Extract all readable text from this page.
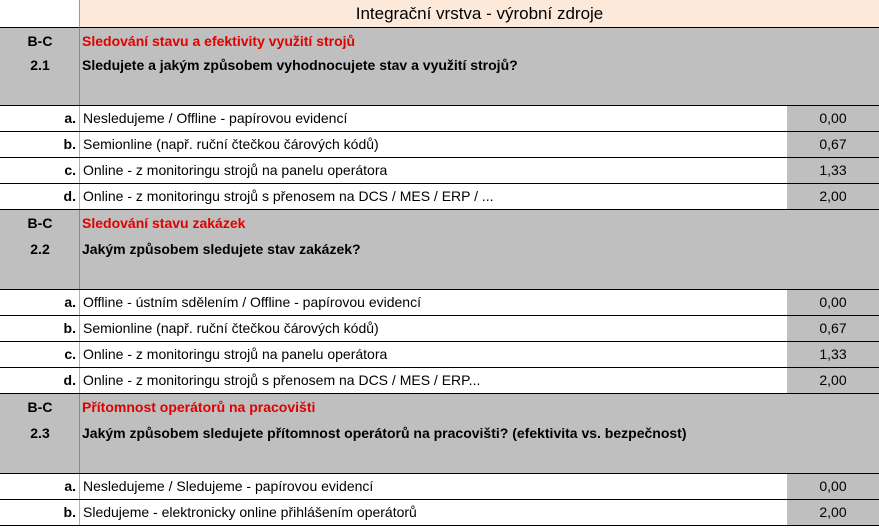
Integrační vrstva - výrobní zdroje
B-C	Sledování stavu a efektivity využití strojů
2.1	Sledujete a jakým způsobem vyhodnocujete stav a využití strojů?
a. Nesledujeme / Offline - papírovou evidencí	0,00
b. Semionline (např. ruční čtečkou čárových kódů)	0,67
c. Online - z monitoringu strojů na panelu operátora	1,33
d. Online - z monitoringu strojů s přenosem na DCS / MES / ERP / ...	2,00
B-C	Sledování stavu zakázek
2.2	Jakým způsobem sledujete stav zakázek?
a. Offline - ústním sdělením / Offline - papírovou evidencí	0,00
b. Semionline (např. ruční čtečkou čárových kódů)	0,67
c. Online - z monitoringu strojů na panelu operátora	1,33
d. Online - z monitoringu strojů s přenosem na DCS / MES / ERP...	2,00
B-C	Přítomnost operátorů na pracovišti
2.3	Jakým způsobem sledujete přítomnost operátorů na pracovišti? (efektivita vs. bezpečnost)
a. Nesledujeme / Sledujeme - papírovou evidencí	0,00
b. Sledujeme - elektronicky online přihlášením operátorů	2,00
